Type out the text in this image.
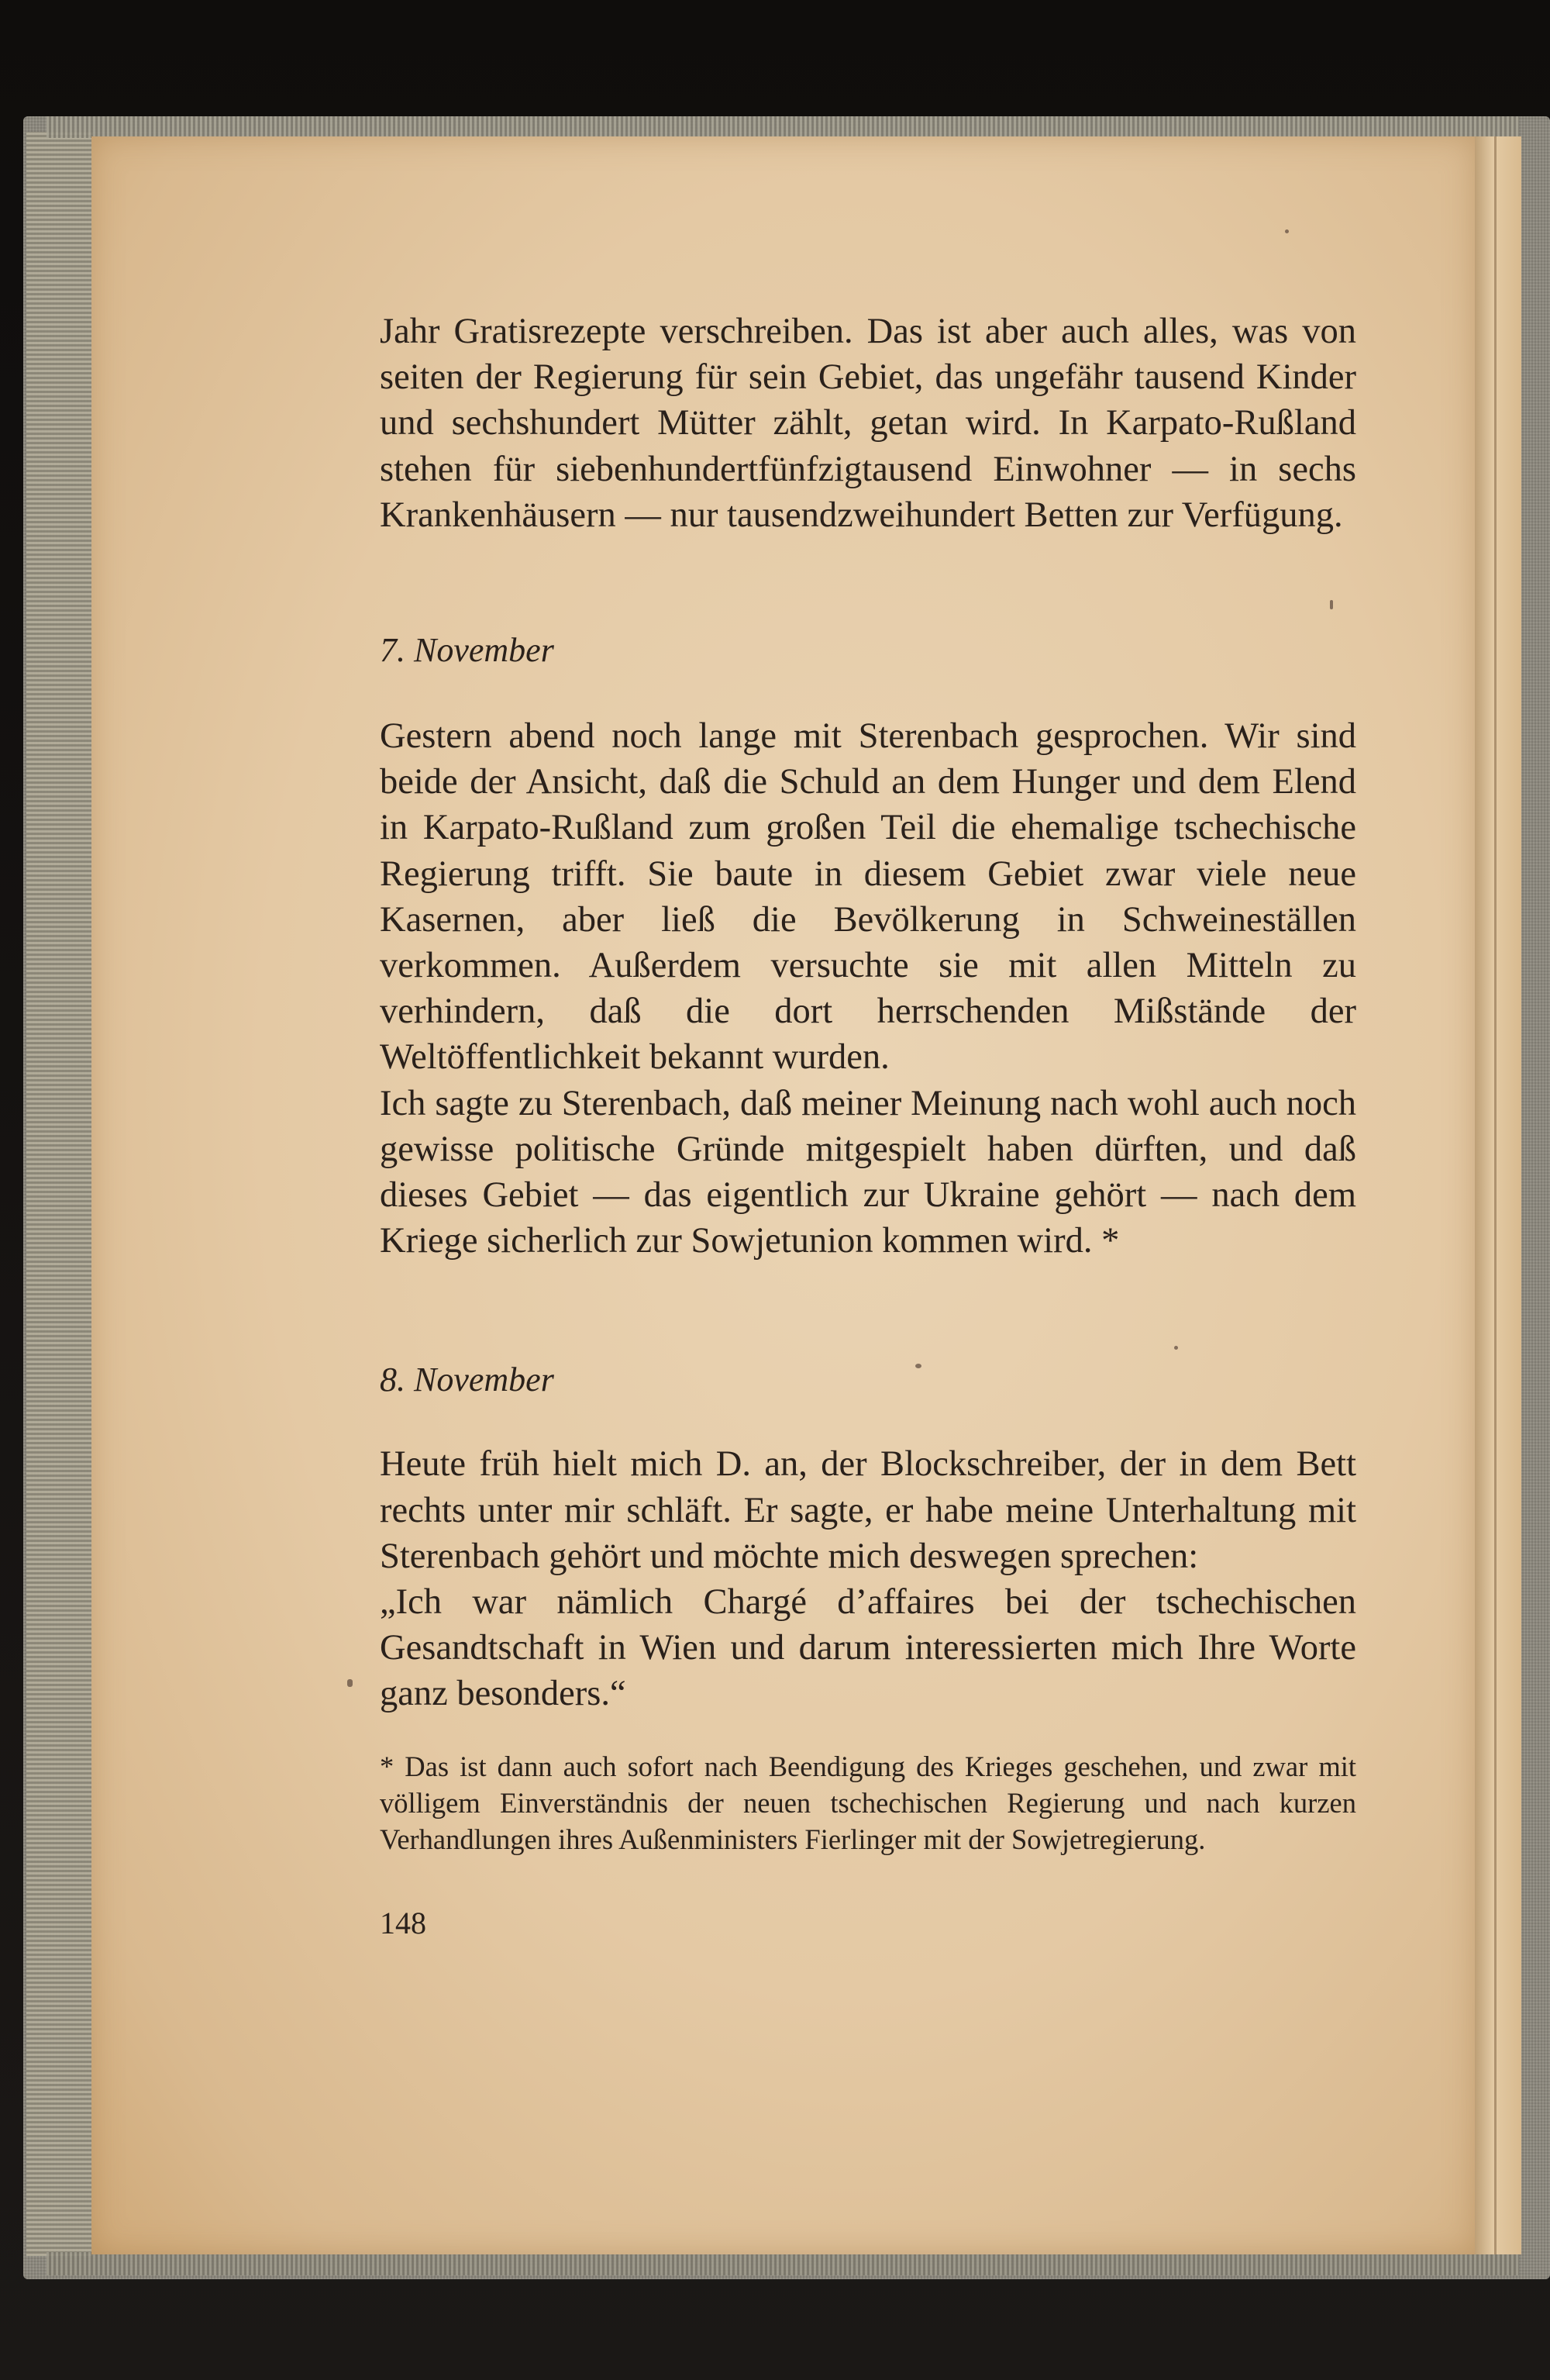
Jahr Gratisrezepte verschreiben. Das ist aber auch alles, was von seiten der Regierung für sein Gebiet, das ungefähr tausend Kinder und sechshundert Mütter zählt, getan wird. In Karpato-Rußland stehen für siebenhundertfünfzigtausend Einwohner — in sechs Krankenhäusern — nur tausendzweihundert Betten zur Verfügung.

7. November

Gestern abend noch lange mit Sterenbach gesprochen. Wir sind beide der Ansicht, daß die Schuld an dem Hunger und dem Elend in Karpato-Rußland zum großen Teil die ehemalige tschechische Regierung trifft. Sie baute in diesem Gebiet zwar viele neue Kasernen, aber ließ die Bevölkerung in Schweineställen verkommen. Außerdem versuchte sie mit allen Mitteln zu verhindern, daß die dort herrschenden Mißstände der Weltöffentlichkeit bekannt wurden.

Ich sagte zu Sterenbach, daß meiner Meinung nach wohl auch noch gewisse politische Gründe mitgespielt haben dürften, und daß dieses Gebiet — das eigentlich zur Ukraine gehört — nach dem Kriege sicherlich zur Sowjetunion kommen wird. *

8. November

Heute früh hielt mich D. an, der Blockschreiber, der in dem Bett rechts unter mir schläft. Er sagte, er habe meine Unterhaltung mit Sterenbach gehört und möchte mich deswegen sprechen:

„Ich war nämlich Chargé d’affaires bei der tschechischen Gesandtschaft in Wien und darum interessierten mich Ihre Worte ganz besonders.“

* Das ist dann auch sofort nach Beendigung des Krieges geschehen, und zwar mit völligem Einverständnis der neuen tschechischen Regierung und nach kurzen Verhandlungen ihres Außenministers Fierlinger mit der Sowjetregierung.

148
